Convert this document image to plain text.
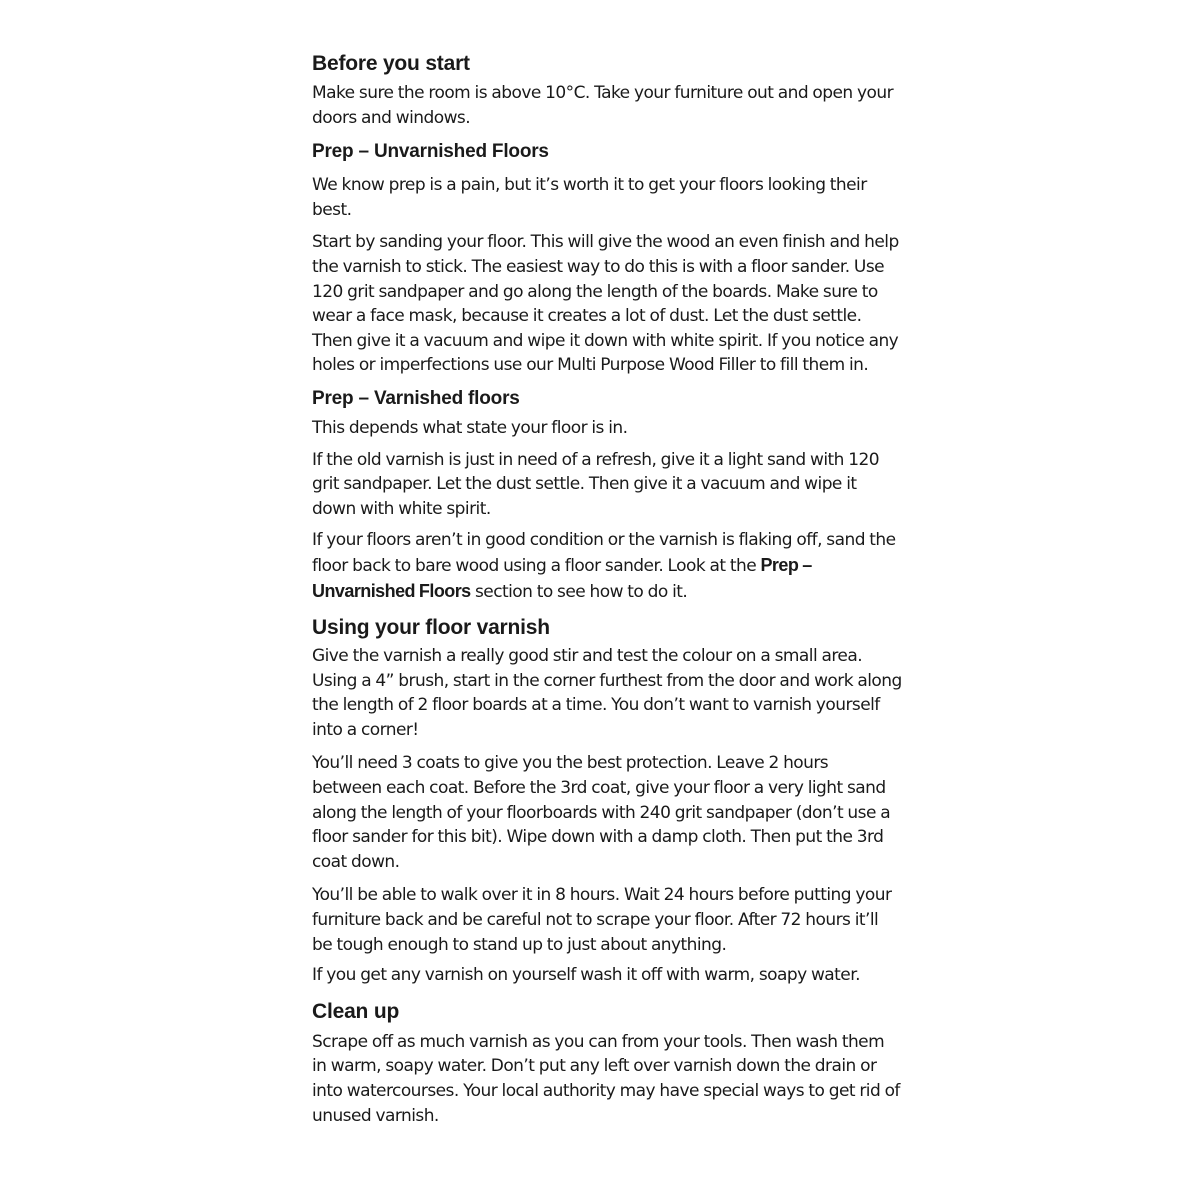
Before you start
Make sure the room is above 10°C. Take your furniture out and open your doors and windows.
Prep – Unvarnished Floors
We know prep is a pain, but it’s worth it to get your floors looking their best.
Start by sanding your floor. This will give the wood an even finish and help the varnish to stick. The easiest way to do this is with a floor sander. Use 120 grit sandpaper and go along the length of the boards. Make sure to wear a face mask, because it creates a lot of dust. Let the dust settle. Then give it a vacuum and wipe it down with white spirit. If you notice any holes or imperfections use our Multi Purpose Wood Filler to fill them in.
Prep – Varnished floors
This depends what state your floor is in.
If the old varnish is just in need of a refresh, give it a light sand with 120 grit sandpaper. Let the dust settle. Then give it a vacuum and wipe it down with white spirit.
If your floors aren’t in good condition or the varnish is flaking off, sand the floor back to bare wood using a floor sander. Look at the Prep – Unvarnished Floors section to see how to do it.
Using your floor varnish
Give the varnish a really good stir and test the colour on a small area. Using a 4” brush, start in the corner furthest from the door and work along the length of 2 floor boards at a time. You don’t want to varnish yourself into a corner!
You’ll need 3 coats to give you the best protection. Leave 2 hours between each coat. Before the 3rd coat, give your floor a very light sand along the length of your floorboards with 240 grit sandpaper (don’t use a floor sander for this bit). Wipe down with a damp cloth. Then put the 3rd coat down.
You’ll be able to walk over it in 8 hours. Wait 24 hours before putting your furniture back and be careful not to scrape your floor. After 72 hours it’ll be tough enough to stand up to just about anything.
If you get any varnish on yourself wash it off with warm, soapy water.
Clean up
Scrape off as much varnish as you can from your tools. Then wash them in warm, soapy water. Don’t put any left over varnish down the drain or into watercourses. Your local authority may have special ways to get rid of unused varnish.
